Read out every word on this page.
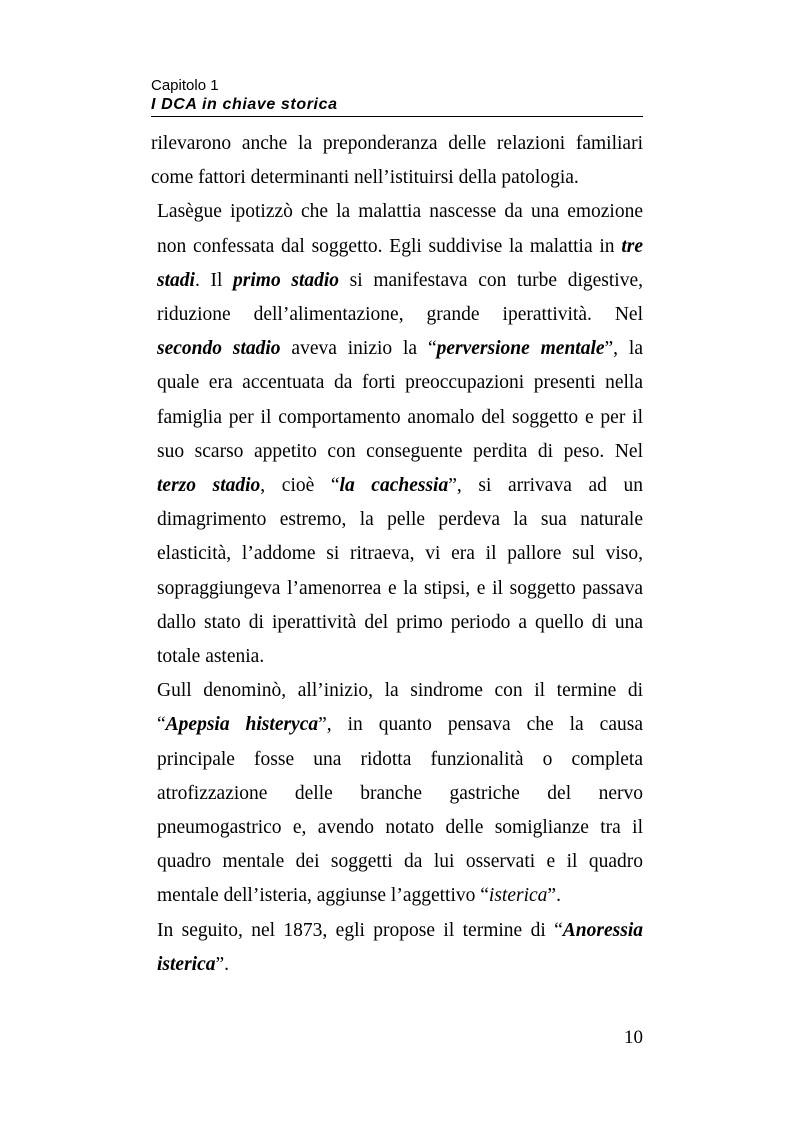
Capitolo 1
I DCA in chiave storica

rilevarono anche la preponderanza delle relazioni familiari
come fattori determinanti nell’istituirsi della patologia.

Lasègue ipotizzò che la malattia nascesse da una emozione
non confessata dal soggetto. Egli suddivise la malattia in tre
stadi. Il primo stadio si manifestava con turbe digestive,
riduzione dell’alimentazione, grande iperattività. Nel
secondo stadio aveva inizio la “perversione mentale”, la
quale era accentuata da forti preoccupazioni presenti nella
famiglia per il comportamento anomalo del soggetto e per il
suo scarso appetito con conseguente perdita di peso. Nel
terzo stadio, cioè “la cachessia”, si arrivava ad un
dimagrimento estremo, la pelle perdeva la sua naturale
elasticità, l’addome si ritraeva, vi era il pallore sul viso,
sopraggiungeva l’amenorrea e la stipsi, e il soggetto passava
dallo stato di iperattività del primo periodo a quello di una
totale astenia.

Gull denominò, all’inizio, la sindrome con il termine di
“Apepsia histeryca”, in quanto pensava che la causa
principale fosse una ridotta funzionalità o completa
atrofizzazione delle branche gastriche del nervo
pneumogastrico e, avendo notato delle somiglianze tra il
quadro mentale dei soggetti da lui osservati e il quadro
mentale dell’isteria, aggiunse l’aggettivo “isterica”.

In seguito, nel 1873, egli propose il termine di “Anoressia
isterica”.

10
